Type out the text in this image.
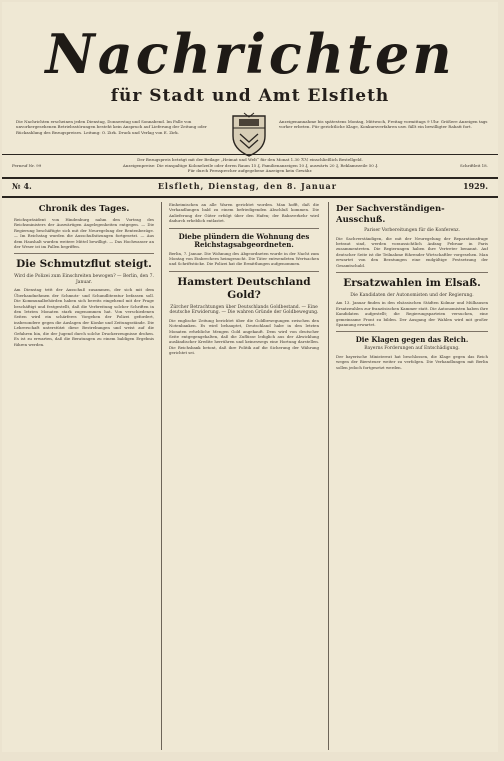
Nachrichten
für Stadt und Amt Elsfleth
Die Nachrichten erscheinen jeden Dienstag, Donnerstag und Sonnabend. Im Falle von unvorhergesehenen Betriebsstörungen besteht kein Anspruch auf Lieferung der Zeitung oder Rückzahlung des Bezugspreises. Leitung: O. Zirk. Druck und Verlag von E. Zirk.
Anzeigenannahme bis spätestens Montag, Mittwoch, Freitag vormittags 9 Uhr. Größere Anzeigen tags vorher erbeten. Für gerichtliche Klage, Konkursverfahren usw. fällt ein bewilligter Rabatt fort.
Der Bezugspreis beträgt mit der Beilage „Heimat und Welt“ für den Monat 1.30 ℛℳ einschließlich Bestellgeld.
Fernruf Nr. 99	Anzeigenpreise: Die einspaltige Kolonelzeile oder deren Raum 15 ₰, Familienanzeigen 10 ₰, auswärts 20 ₰, Reklamezeile 50 ₰.	Schriftleit 18.
Für durch Fernsprecher aufgegebene Anzeigen kein Gewähr.
№ 4.	Elsfleth, Dienstag, den 8. Januar	1929.
Chronik des Tages.

Reichspräsident von Hindenburg nahm den Vortrag des Reichsministers der Auswärtigen Angelegenheiten entgegen. — Die Regierung beschäftigte sich mit der Neuregelung der Rentenbezüge. — Im Reichstag wurden die Ausschußsitzungen fortgesetzt. — Aus dem Haushalt wurden weitere Mittel bewilligt. — Das Hochwasser an der Weser ist im Fallen begriffen.

Die Schmutzflut steigt.
Wird die Polizei zum Einschreiten bewogen? — Berlin, den 7. Januar.

Am Dienstag tritt der Ausschuß zusammen, der sich mit dem Überhandnehmen der Schmutz- und Schundliteratur befassen soll. Die Kommunalbehörden haben sich bereits eingehend mit der Frage beschäftigt und festgestellt, daß die Verbreitung solcher Schriften in den letzten Monaten stark zugenommen hat. Von verschiedenen Seiten wird ein schärferes Vorgehen der Polizei gefordert, insbesondere gegen die Auslagen der Kioske und Zeitungsstände. Die Lehrerschaft unterstützt diese Bestrebungen und weist auf die Gefahren hin, die der Jugend durch solche Druckerzeugnisse drohen. Es ist zu erwarten, daß die Beratungen zu einem baldigen Ergebnis führen werden.

Einheimischen an alle Waren gerichtet worden. Man hofft, daß die Verhandlungen bald zu einem befriedigenden Abschluß kommen. Die Anlieferung der Güter erfolgt über den Hafen; der Bahnverkehr wird dadurch erheblich entlastet.

Diebe plündern die Wohnung des Reichstagsabgeordneten.

Berlin, 7. Januar. Die Wohnung des Abgeordneten wurde in der Nacht zum Montag von Einbrechern heimgesucht. Die Täter entwendeten Wertsachen und Schriftstücke. Die Polizei hat die Ermittlungen aufgenommen.

Hamstert Deutschland Gold?
Zürcher Betrachtungen über Deutschlands Goldbestand. — Eine deutsche Erwiderung. — Die wahren Gründe der Goldbewegung.

Die englische Zeitung berichtet über die Goldbewegungen zwischen den Notenbanken. Es wird behauptet, Deutschland habe in den letzten Monaten erhebliche Mengen Gold angekauft. Dem wird von deutscher Seite entgegengehalten, daß die Zuflüsse lediglich aus der Abwicklung ausländischer Kredite herrühren und keineswegs eine Hortung darstellen. Die Reichsbank betont, daß ihre Politik auf die Sicherung der Währung gerichtet sei.

Der Sachverständigen-Ausschuß.
Pariser Vorbereitungen für die Konferenz.

Die Sachverständigen, die mit der Neuregelung der Reparationsfrage betraut sind, werden voraussichtlich Anfang Februar in Paris zusammentreten. Die Regierungen haben ihre Vertreter benannt. Auf deutscher Seite ist die Teilnahme führender Wirtschaftler vorgesehen. Man erwartet von den Beratungen eine endgültige Festsetzung der Gesamtschuld.

Ersatzwahlen im Elsaß.
Die Kandidaten der Autonomisten und der Regierung.

Am 13. Januar finden in den elsässischen Städten Kolmar und Mülhausen Ersatzwahlen zur französischen Kammer statt. Die Autonomisten haben ihre Kandidaten aufgestellt; die Regierungsparteien versuchen, eine gemeinsame Front zu bilden. Der Ausgang der Wahlen wird mit großer Spannung erwartet.

Die Klagen gegen das Reich.
Bayerns Forderungen auf Entschädigung.

Der bayerische Ministerrat hat beschlossen, die Klage gegen das Reich wegen der Biersteuer weiter zu verfolgen. Die Verhandlungen mit Berlin sollen jedoch fortgesetzt werden.
